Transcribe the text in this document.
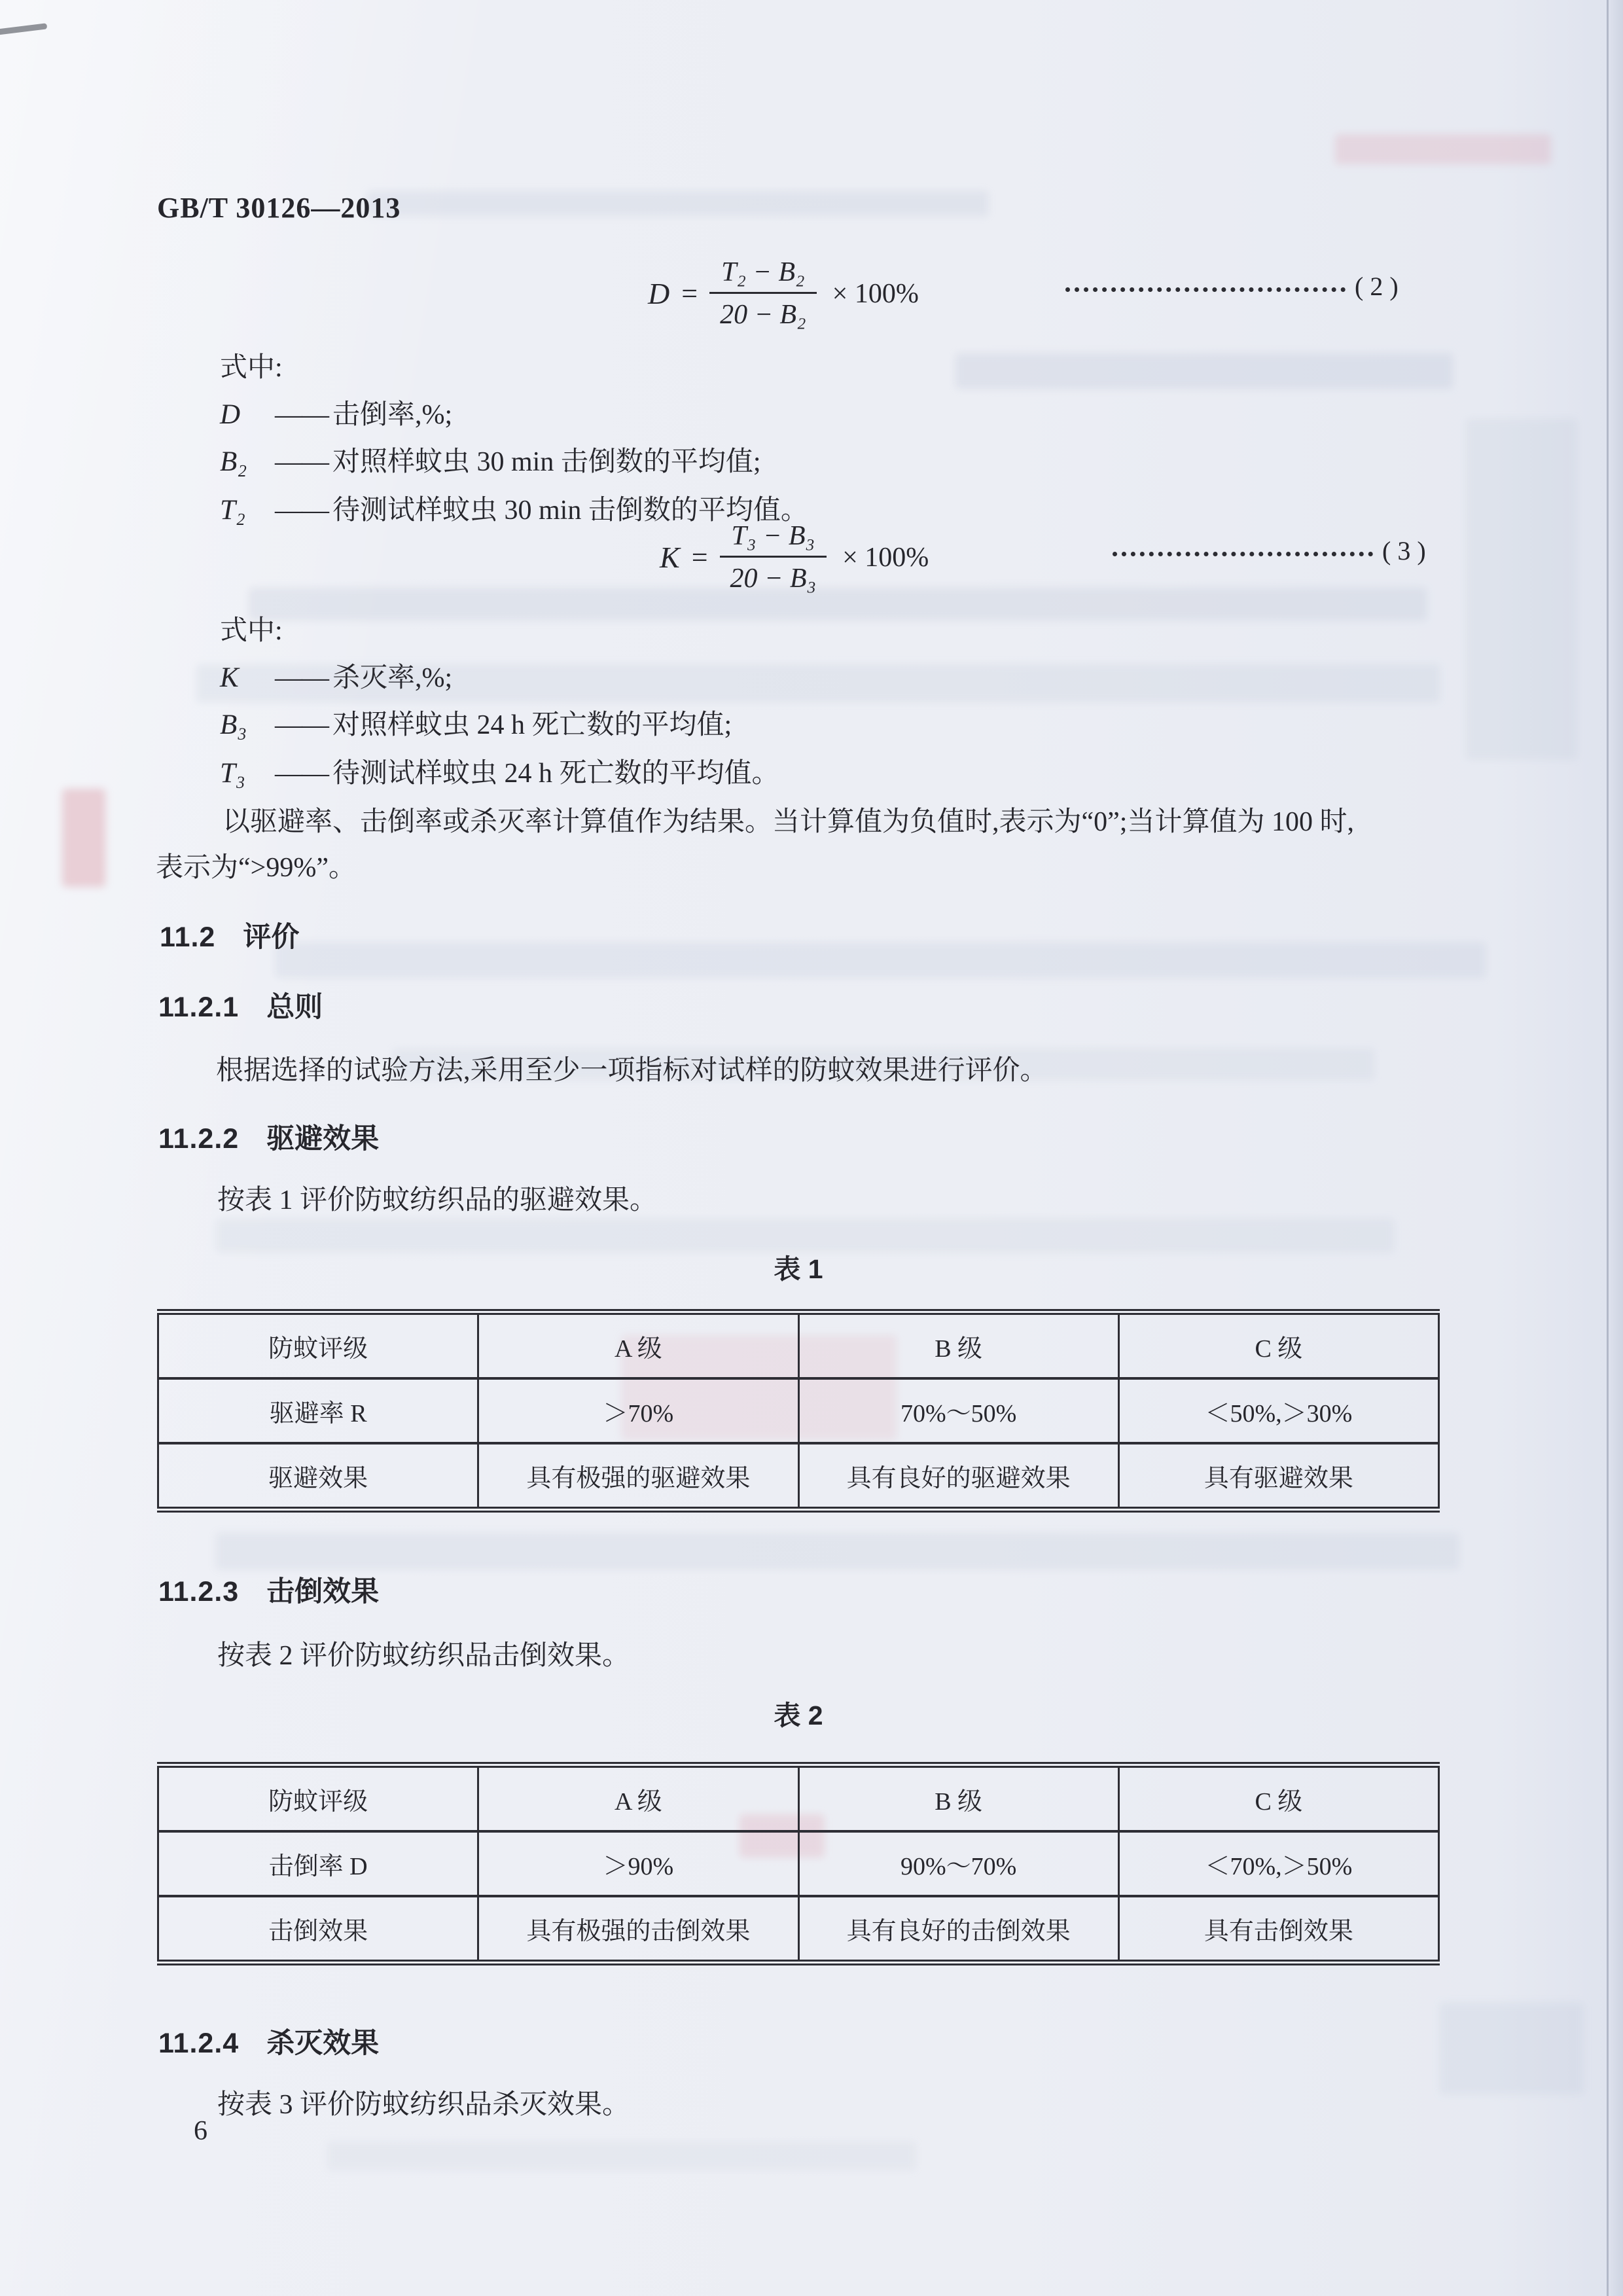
GB/T 30126—2013
$D = \frac{\text{T₂ − B₂}}{\text{20 − B₂}} \times 100\%$	( 2 )
式中:
D	—— 击倒率,%;
B₂	—— 对照样蚊虫 30 min 击倒数的平均值;
T₂	—— 待测试样蚊虫 30 min 击倒数的平均值。
$K = \frac{\text{T₃ − B₃}}{\text{20 − B₃}} \times 100\%$	( 3 )
式中:
K	—— 杀灭率,%;
B₃	—— 对照样蚊虫 24 h 死亡数的平均值;
T₃	—— 待测试样蚊虫 24 h 死亡数的平均值。
以驱避率、击倒率或杀灭率计算值作为结果。当计算值为负值时,表示为“0”;当计算值为 100 时,
表示为“>99%”。
11.2 评价
11.2.1 总则
根据选择的试验方法,采用至少一项指标对试样的防蚊效果进行评价。
11.2.2 驱避效果
按表 1 评价防蚊纺织品的驱避效果。
表 1
防蚊评级	A 级	B 级	C 级
驱避率 R	＞70%	70%～50%	＜50%,＞30%
驱避效果	具有极强的驱避效果	具有良好的驱避效果	具有驱避效果
11.2.3 击倒效果
按表 2 评价防蚊纺织品击倒效果。
表 2
防蚊评级	A 级	B 级	C 级
击倒率 D	＞90%	90%～70%	＜70%,＞50%
击倒效果	具有极强的击倒效果	具有良好的击倒效果	具有击倒效果
11.2.4 杀灭效果
按表 3 评价防蚊纺织品杀灭效果。
6
